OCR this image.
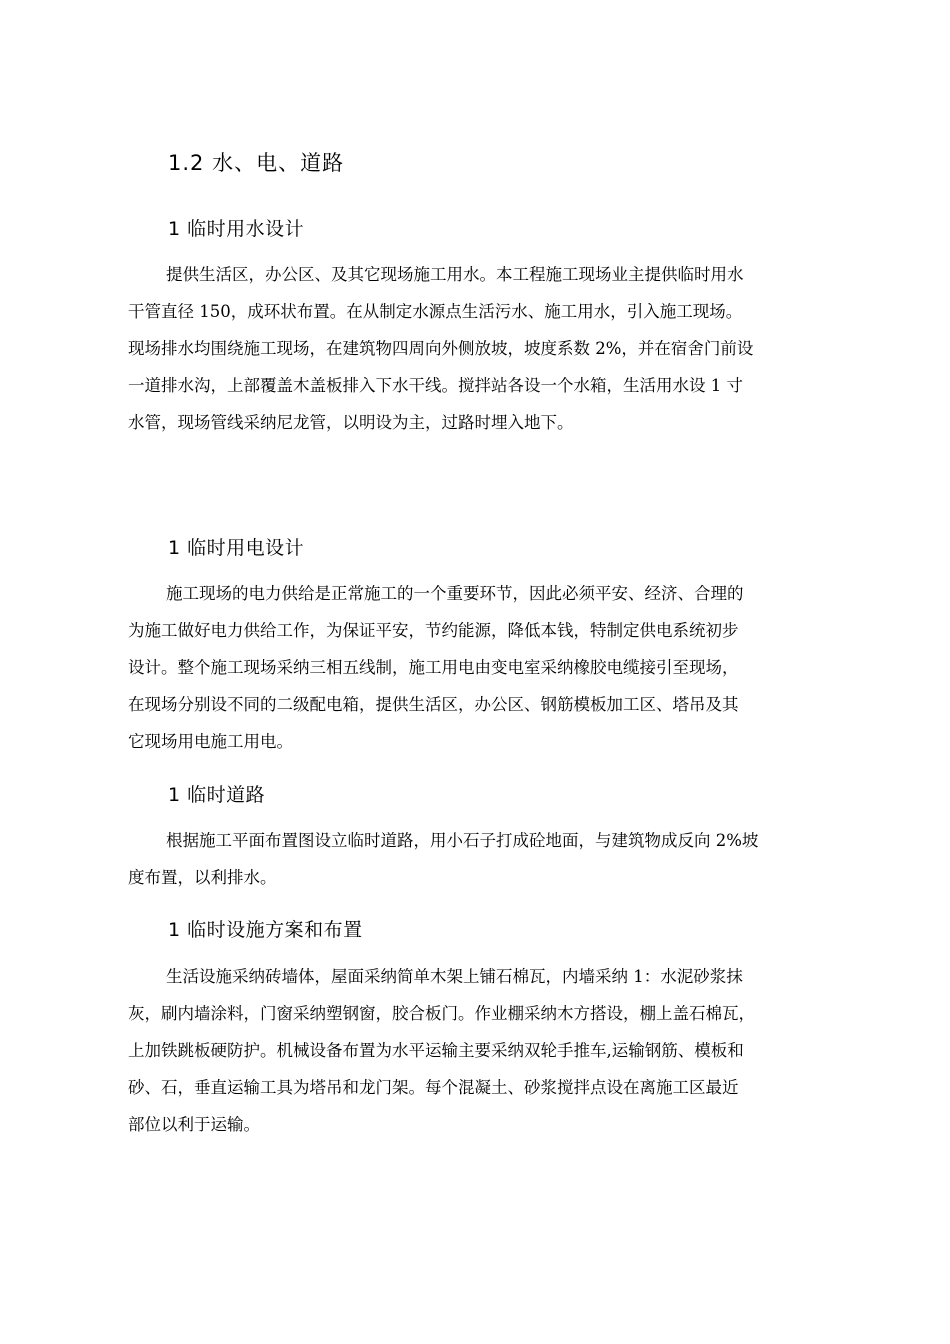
1.2 水、电、道路
1 临时用水设计
提供生活区，办公区、及其它现场施工用水。本工程施工现场业主提供临时用水
干管直径 150，成环状布置。在从制定水源点生活污水、施工用水，引入施工现场。
现场排水均围绕施工现场，在建筑物四周向外侧放坡，坡度系数 2%，并在宿舍门前设
一道排水沟，上部覆盖木盖板排入下水干线。搅拌站各设一个水箱，生活用水设 1 寸
水管，现场管线采纳尼龙管，以明设为主，过路时埋入地下。
1 临时用电设计
施工现场的电力供给是正常施工的一个重要环节，因此必须平安、经济、合理的
为施工做好电力供给工作，为保证平安，节约能源，降低本钱，特制定供电系统初步
设计。整个施工现场采纳三相五线制，施工用电由变电室采纳橡胶电缆接引至现场，
在现场分别设不同的二级配电箱，提供生活区，办公区、钢筋模板加工区、塔吊及其
它现场用电施工用电。
1 临时道路
根据施工平面布置图设立临时道路，用小石子打成砼地面，与建筑物成反向 2%坡
度布置，以利排水。
1 临时设施方案和布置
生活设施采纳砖墙体，屋面采纳简单木架上铺石棉瓦，内墙采纳 1：水泥砂浆抹
灰，刷内墙涂料，门窗采纳塑钢窗，胶合板门。作业棚采纳木方搭设，棚上盖石棉瓦，
上加铁跳板硬防护。机械设备布置为水平运输主要采纳双轮手推车,运输钢筋、模板和
砂、石，垂直运输工具为塔吊和龙门架。每个混凝土、砂浆搅拌点设在离施工区最近
部位以利于运输。
